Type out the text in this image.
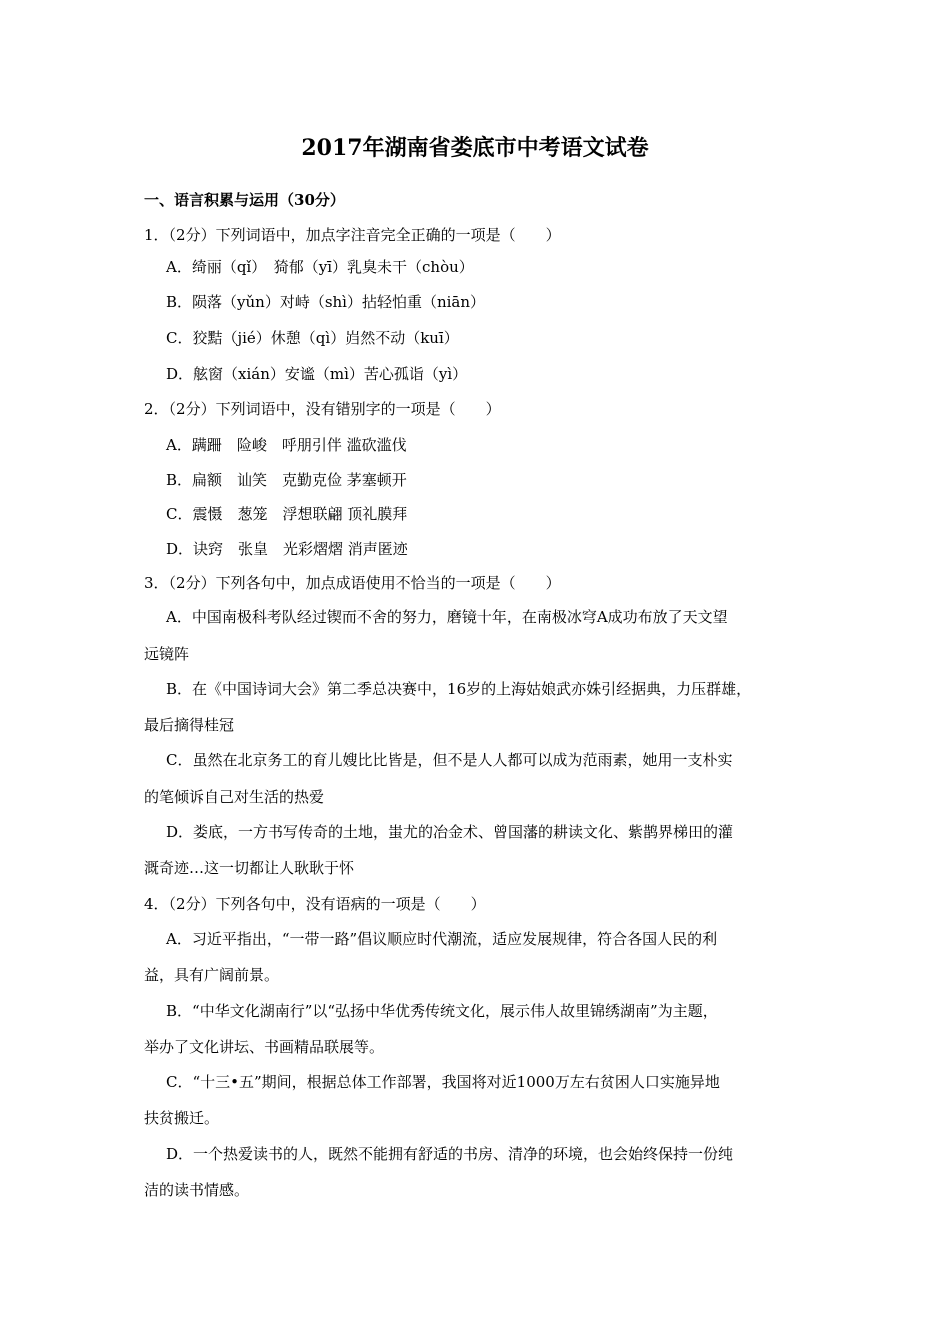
2017年湖南省娄底市中考语文试卷
一、语言积累与运用（30分）
1．（2分）下列词语中，加点字注音完全正确的一项是（　　）
A．绮丽（qǐ）　猗郁（yī）乳臭未干（chòu）
B．陨落（yǔn）对峙（shì）拈轻怕重（niān）
C．狡黠（jié）休憩（qì）岿然不动（kuī）
D．舷窗（xián）安谧（mì）苦心孤诣（yì）
2．（2分）下列词语中，没有错别字的一项是（　　）
A．蹒跚　险峻　呼朋引伴 滥砍滥伐
B．扁额　讪笑　克勤克俭 茅塞顿开
C．震慑　葱笼　浮想联翩 顶礼膜拜
D．诀窍　张皇　光彩熠熠 消声匿迹
3．（2分）下列各句中，加点成语使用不恰当的一项是（　　）
A．中国南极科考队经过锲而不舍的努力，磨镜十年，在南极冰穹A成功布放了天文望
远镜阵
B．在《中国诗词大会》第二季总决赛中，16岁的上海姑娘武亦姝引经据典，力压群雄，
最后摘得桂冠
C．虽然在北京务工的育儿嫂比比皆是，但不是人人都可以成为范雨素，她用一支朴实
的笔倾诉自己对生活的热爱
D．娄底，一方书写传奇的土地，蚩尤的冶金术、曾国藩的耕读文化、紫鹊界梯田的灌
溉奇迹…这一切都让人耿耿于怀
4．（2分）下列各句中，没有语病的一项是（　　）
A．习近平指出，“一带一路”倡议顺应时代潮流，适应发展规律，符合各国人民的利
益，具有广阔前景。
B．“中华文化湖南行”以“弘扬中华优秀传统文化，展示伟人故里锦绣湖南”为主题，
举办了文化讲坛、书画精品联展等。
C．“十三•五”期间，根据总体工作部署，我国将对近1000万左右贫困人口实施异地
扶贫搬迁。
D．一个热爱读书的人，既然不能拥有舒适的书房、清净的环境，也会始终保持一份纯
洁的读书情感。
